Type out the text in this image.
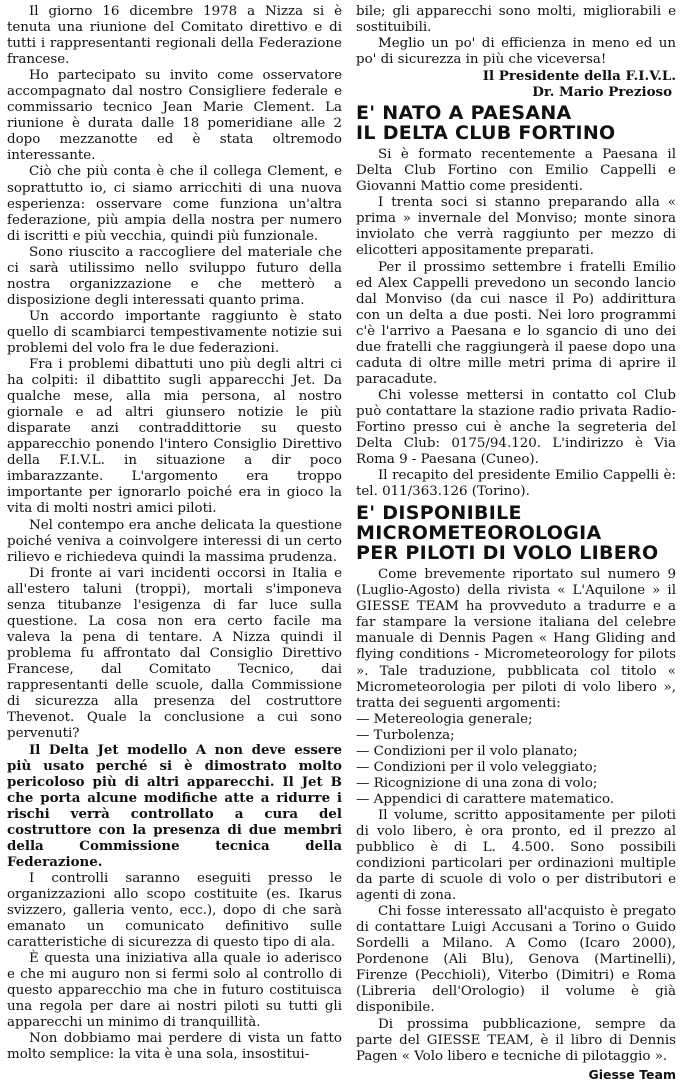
Il giorno 16 dicembre 1978 a Nizza si è tenuta una riunione del Comitato direttivo e di tutti i rappresentanti regionali della Federazione francese.

Ho partecipato su invito come osservatore accompagnato dal nostro Consigliere federale e commissario tecnico Jean Marie Clement. La riunione è durata dalle 18 pomeridiane alle 2 dopo mezzanotte ed è stata oltremodo interessante.

Ciò che più conta è che il collega Clement, e soprattutto io, ci siamo arricchiti di una nuova esperienza: osservare come funziona un'altra federazione, più ampia della nostra per numero di iscritti e più vecchia, quindi più funzionale.

Sono riuscito a raccogliere del materiale che ci sarà utilissimo nello sviluppo futuro della nostra organizzazione e che metterò a disposizione degli interessati quanto prima.

Un accordo importante raggiunto è stato quello di scambiarci tempestivamente notizie sui problemi del volo fra le due federazioni.

Fra i problemi dibattuti uno più degli altri ci ha colpiti: il dibattito sugli apparecchi Jet. Da qualche mese, alla mia persona, al nostro giornale e ad altri giunsero notizie le più disparate anzi contraddittorie su questo apparecchio ponendo l'intero Consiglio Direttivo della F.I.V.L. in situazione a dir poco imbarazzante. L'argomento era troppo importante per ignorarlo poiché era in gioco la vita di molti nostri amici piloti.

Nel contempo era anche delicata la questione poiché veniva a coinvolgere interessi di un certo rilievo e richiedeva quindi la massima prudenza.

Di fronte ai vari incidenti occorsi in Italia e all'estero taluni (troppi), mortali s'imponeva senza titubanze l'esigenza di far luce sulla questione. La cosa non era certo facile ma valeva la pena di tentare. A Nizza quindi il problema fu affrontato dal Consiglio Direttivo Francese, dal Comitato Tecnico, dai rappresentanti delle scuole, dalla Commissione di sicurezza alla presenza del costruttore Thevenot. Quale la conclusione a cui sono pervenuti?

Il Delta Jet modello A non deve essere più usato perché si è dimostrato molto pericoloso più di altri apparecchi. Il Jet B che porta alcune modifiche atte a ridurre i rischi verrà controllato a cura del costruttore con la presenza di due membri della Commissione tecnica della Federazione.

I controlli saranno eseguiti presso le organizzazioni allo scopo costituite (es. Ikarus svizzero, galleria vento, ecc.), dopo di che sarà emanato un comunicato definitivo sulle caratteristiche di sicurezza di questo tipo di ala.

È questa una iniziativa alla quale io aderisco e che mi auguro non si fermi solo al controllo di questo apparecchio ma che in futuro costituisca una regola per dare ai nostri piloti su tutti gli apparecchi un minimo di tranquillità.

Non dobbiamo mai perdere di vista un fatto molto semplice: la vita è una sola, insostitui-

bile; gli apparecchi sono molti, migliorabili e sostituibili.

Meglio un po' di efficienza in meno ed un po' di sicurezza in più che viceversa!

Il Presidente della F.I.V.L.
Dr. Mario Prezioso
E' NATO A PAESANA
IL DELTA CLUB FORTINO

Si è formato recentemente a Paesana il Delta Club Fortino con Emilio Cappelli e Giovanni Mattio come presidenti.

I trenta soci si stanno preparando alla « prima » invernale del Monviso; monte sinora inviolato che verrà raggiunto per mezzo di elicotteri appositamente preparati.

Per il prossimo settembre i fratelli Emilio ed Alex Cappelli prevedono un secondo lancio dal Monviso (da cui nasce il Po) addirittura con un delta a due posti. Nei loro programmi c'è l'arrivo a Paesana e lo sgancio di uno dei due fratelli che raggiungerà il paese dopo una caduta di oltre mille metri prima di aprire il paracadute.

Chi volesse mettersi in contatto col Club può contattare la stazione radio privata Radio-Fortino presso cui è anche la segreteria del Delta Club: 0175/94.120. L'indirizzo è Via Roma 9 - Paesana (Cuneo).

Il recapito del presidente Emilio Cappelli è: tel. 011/363.126 (Torino).

E' DISPONIBILE
MICROMETEOROLOGIA
PER PILOTI DI VOLO LIBERO

Come brevemente riportato sul numero 9 (Luglio-Agosto) della rivista « L'Aquilone » il GIESSE TEAM ha provveduto a tradurre e a far stampare la versione italiana del celebre manuale di Dennis Pagen « Hang Gliding and flying conditions - Micrometeorology for pilots ». Tale traduzione, pubblicata col titolo « Micrometeorologia per piloti di volo libero », tratta dei seguenti argomenti:

— Metereologia generale;
— Turbolenza;
— Condizioni per il volo planato;
— Condizioni per il volo veleggiato;
— Ricognizione di una zona di volo;
— Appendici di carattere matematico.

Il volume, scritto appositamente per piloti di volo libero, è ora pronto, ed il prezzo al pubblico è di L. 4.500. Sono possibili condizioni particolari per ordinazioni multiple da parte di scuole di volo o per distributori e agenti di zona.

Chi fosse interessato all'acquisto è pregato di contattare Luigi Accusani a Torino o Guido Sordelli a Milano. A Como (Icaro 2000), Pordenone (Ali Blu), Genova (Martinelli), Firenze (Pecchioli), Viterbo (Dimitri) e Roma (Libreria dell'Orologio) il volume è già disponibile.

Di prossima pubblicazione, sempre da parte del GIESSE TEAM, è il libro di Dennis Pagen « Volo libero e tecniche di pilotaggio ».

Giesse Team
